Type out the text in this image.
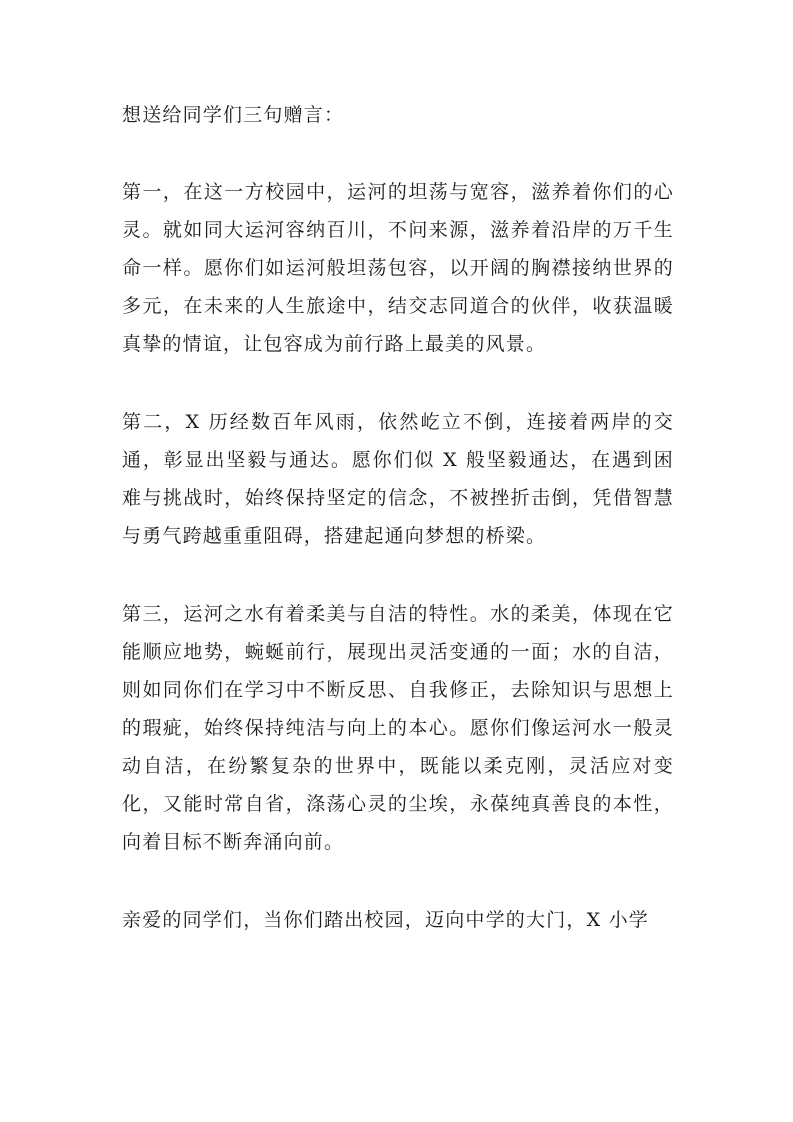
想送给同学们三句赠言：

第一，在这一方校园中，运河的坦荡与宽容，滋养着你们的心灵。就如同大运河容纳百川，不问来源，滋养着沿岸的万千生命一样。愿你们如运河般坦荡包容，以开阔的胸襟接纳世界的多元，在未来的人生旅途中，结交志同道合的伙伴，收获温暖真挚的情谊，让包容成为前行路上最美的风景。

第二，X 历经数百年风雨，依然屹立不倒，连接着两岸的交通，彰显出坚毅与通达。愿你们似 X 般坚毅通达，在遇到困难与挑战时，始终保持坚定的信念，不被挫折击倒，凭借智慧与勇气跨越重重阻碍，搭建起通向梦想的桥梁。

第三，运河之水有着柔美与自洁的特性。水的柔美，体现在它能顺应地势，蜿蜒前行，展现出灵活变通的一面；水的自洁，则如同你们在学习中不断反思、自我修正，去除知识与思想上的瑕疵，始终保持纯洁与向上的本心。愿你们像运河水一般灵动自洁，在纷繁复杂的世界中，既能以柔克刚，灵活应对变化，又能时常自省，涤荡心灵的尘埃，永葆纯真善良的本性，向着目标不断奔涌向前。

亲爱的同学们，当你们踏出校园，迈向中学的大门，X 小学
